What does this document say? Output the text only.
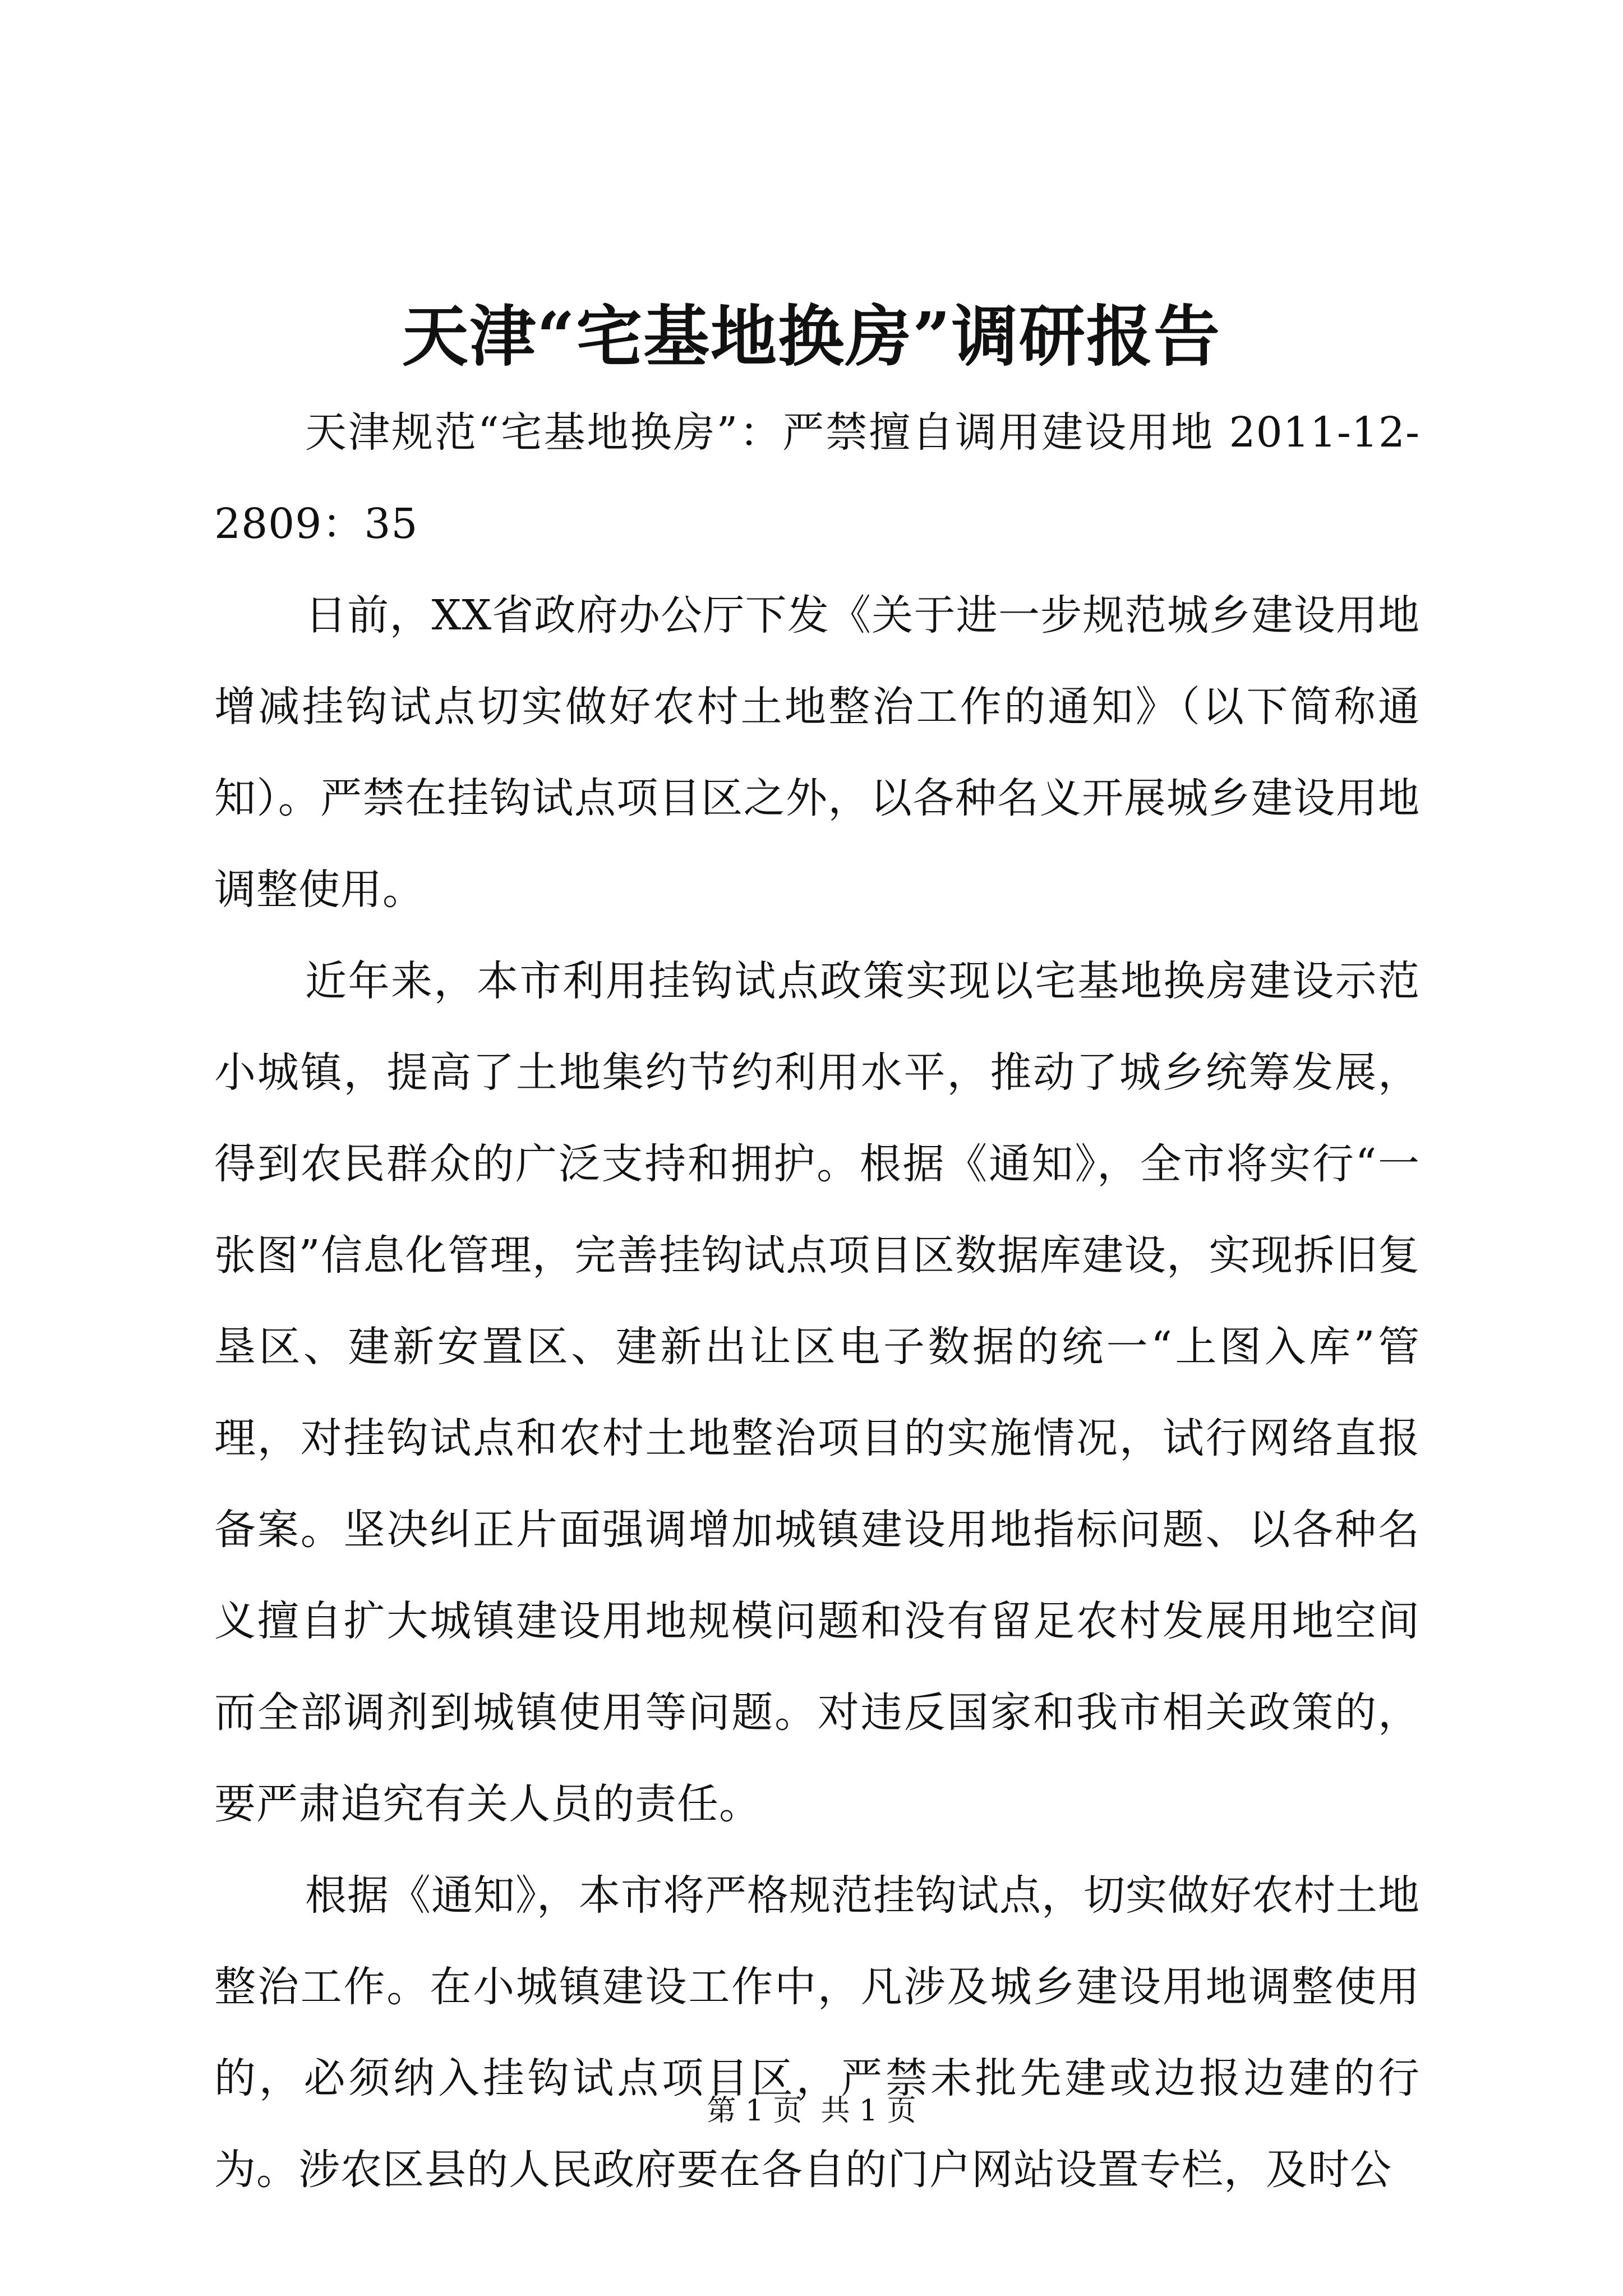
天津“宅基地换房”调研报告

天津规范“宅基地换房”：严禁擅自调用建设用地 2011-12-2809：35

日前，XX省政府办公厅下发《关于进一步规范城乡建设用地增减挂钩试点切实做好农村土地整治工作的通知》（以下简称通知）。严禁在挂钩试点项目区之外，以各种名义开展城乡建设用地调整使用。

近年来，本市利用挂钩试点政策实现以宅基地换房建设示范小城镇，提高了土地集约节约利用水平，推动了城乡统筹发展，得到农民群众的广泛支持和拥护。根据《通知》，全市将实行“一张图”信息化管理，完善挂钩试点项目区数据库建设，实现拆旧复垦区、建新安置区、建新出让区电子数据的统一“上图入库”管理，对挂钩试点和农村土地整治项目的实施情况，试行网络直报备案。坚决纠正片面强调增加城镇建设用地指标问题、以各种名义擅自扩大城镇建设用地规模问题和没有留足农村发展用地空间而全部调剂到城镇使用等问题。对违反国家和我市相关政策的，要严肃追究有关人员的责任。

根据《通知》，本市将严格规范挂钩试点，切实做好农村土地整治工作。在小城镇建设工作中，凡涉及城乡建设用地调整使用的，必须纳入挂钩试点项目区，严禁未批先建或边报边建的行为。涉农区县的人民政府要在各自的门户网站设置专栏，及时公

第 1 页  共 1 页
